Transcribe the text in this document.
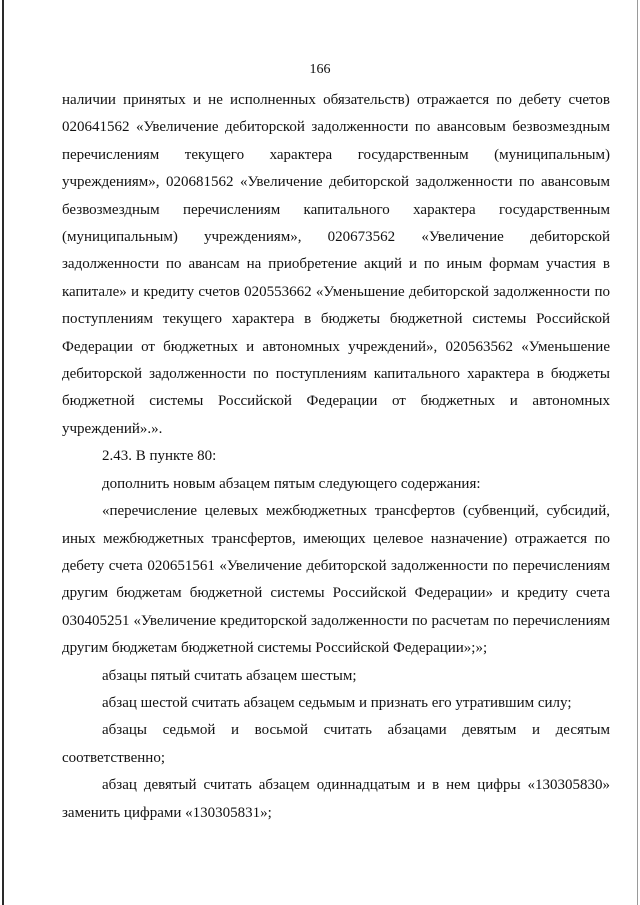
166

наличии принятых и не исполненных обязательств) отражается по дебету счетов 020641562 «Увеличение дебиторской задолженности по авансовым безвозмездным перечислениям текущего характера государственным (муниципальным) учреждениям», 020681562 «Увеличение дебиторской задолженности по авансовым безвозмездным перечислениям капитального характера государственным (муниципальным) учреждениям», 020673562 «Увеличение дебиторской задолженности по авансам на приобретение акций и по иным формам участия в капитале» и кредиту счетов 020553662 «Уменьшение дебиторской задолженности по поступлениям текущего характера в бюджеты бюджетной системы Российской Федерации от бюджетных и автономных учреждений», 020563562 «Уменьшение дебиторской задолженности по поступлениям капитального характера в бюджеты бюджетной системы Российской Федерации от бюджетных и автономных учреждений».».

2.43. В пункте 80:

дополнить новым абзацем пятым следующего содержания:

«перечисление целевых межбюджетных трансфертов (субвенций, субсидий, иных межбюджетных трансфертов, имеющих целевое назначение) отражается по дебету счета 020651561 «Увеличение дебиторской задолженности по перечислениям другим бюджетам бюджетной системы Российской Федерации» и кредиту счета 030405251 «Увеличение кредиторской задолженности по расчетам по перечислениям другим бюджетам бюджетной системы Российской Федерации»;»;

абзацы пятый считать абзацем шестым;

абзац шестой считать абзацем седьмым и признать его утратившим силу;

абзацы седьмой и восьмой считать абзацами девятым и десятым соответственно;

абзац девятый считать абзацем одиннадцатым и в нем цифры «130305830» заменить цифрами «130305831»;
